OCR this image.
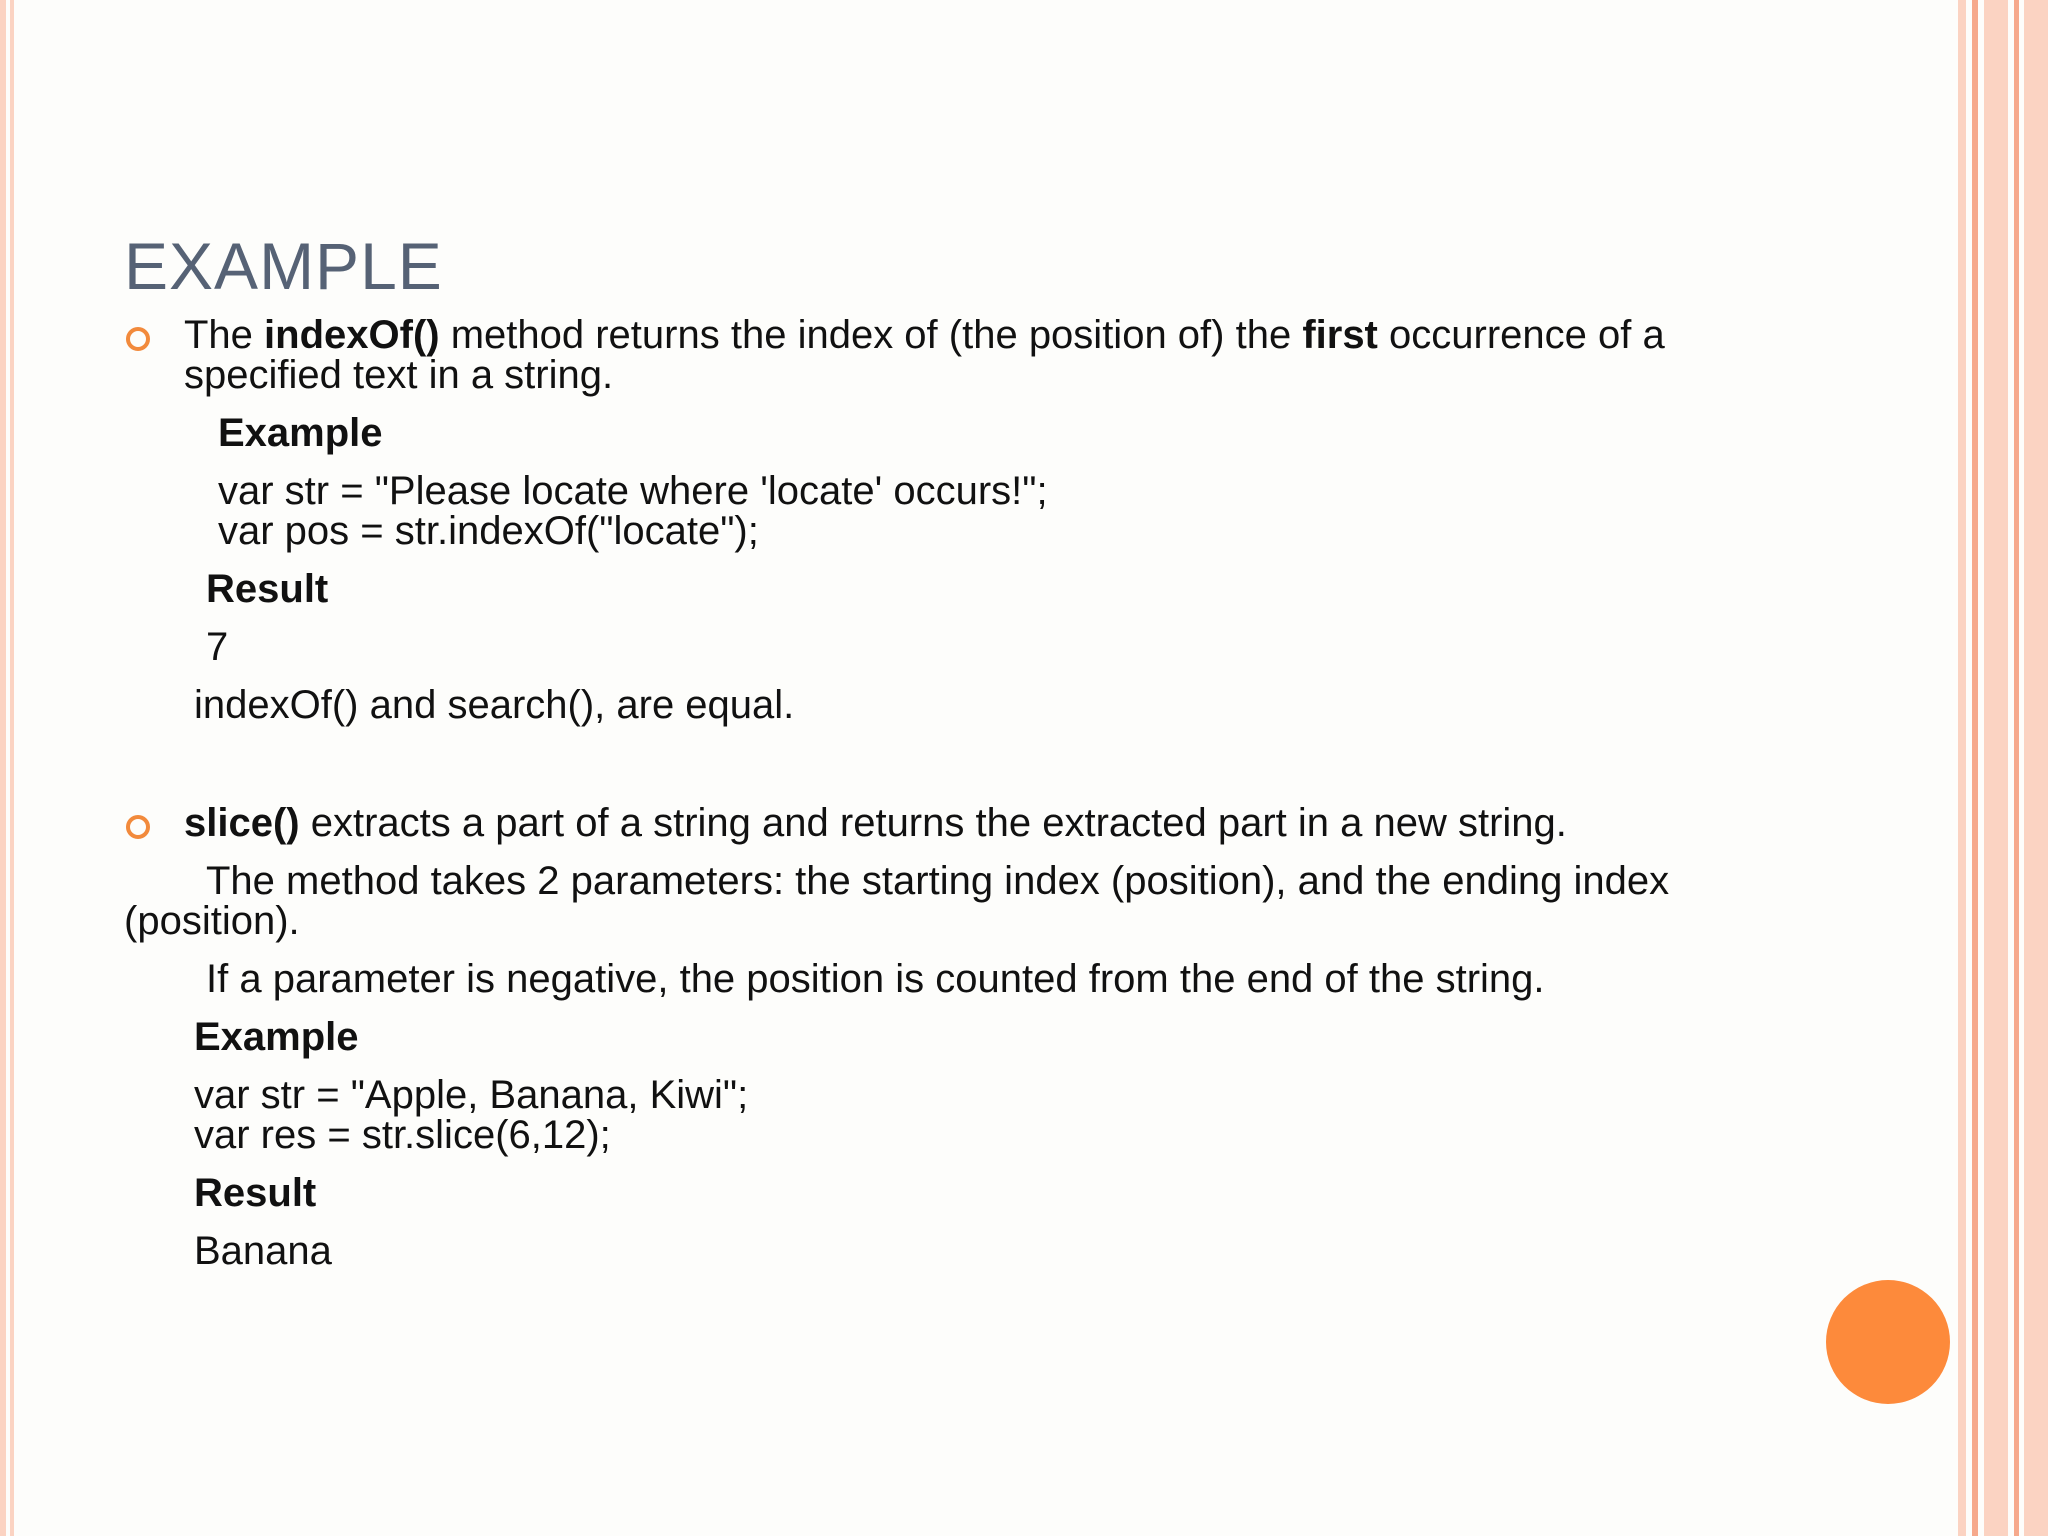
EXAMPLE
The indexOf() method returns the index of (the position of) the first occurrence of a
specified text in a string.
Example
var str = "Please locate where 'locate' occurs!";
var pos = str.indexOf("locate");
Result
7
indexOf() and search(), are equal.
slice() extracts a part of a string and returns the extracted part in a new string.
The method takes 2 parameters: the starting index (position), and the ending index
(position).
If a parameter is negative, the position is counted from the end of the string.
Example
var str = "Apple, Banana, Kiwi";
var res = str.slice(6,12);
Result
Banana
